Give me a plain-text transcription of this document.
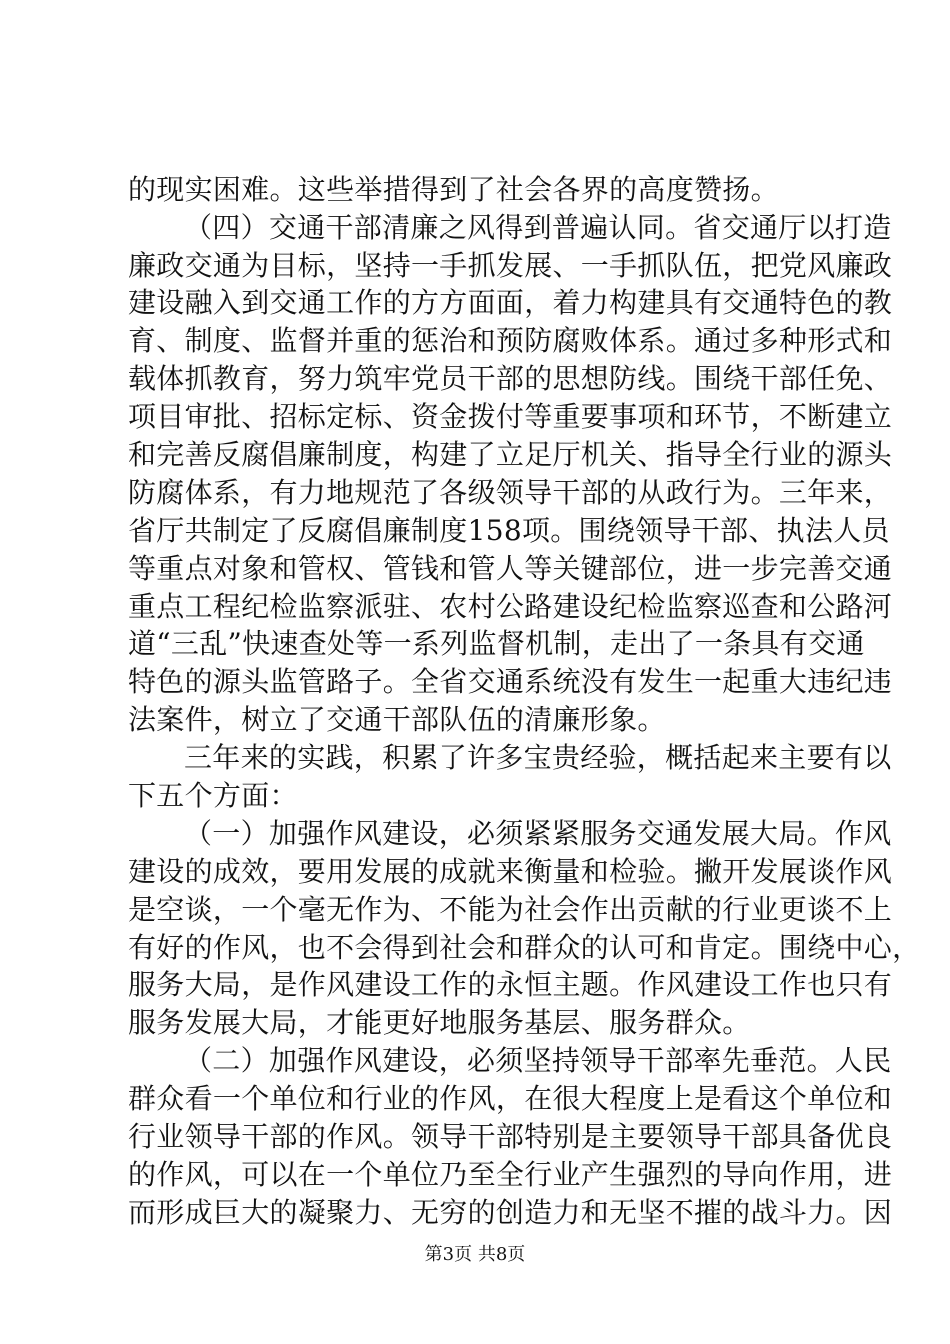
的现实困难。这些举措得到了社会各界的高度赞扬。
（四）交通干部清廉之风得到普遍认同。省交通厅以打造
廉政交通为目标，坚持一手抓发展、一手抓队伍，把党风廉政
建设融入到交通工作的方方面面，着力构建具有交通特色的教
育、制度、监督并重的惩治和预防腐败体系。通过多种形式和
载体抓教育，努力筑牢党员干部的思想防线。围绕干部任免、
项目审批、招标定标、资金拨付等重要事项和环节，不断建立
和完善反腐倡廉制度，构建了立足厅机关、指导全行业的源头
防腐体系，有力地规范了各级领导干部的从政行为。三年来，
省厅共制定了反腐倡廉制度158项。围绕领导干部、执法人员
等重点对象和管权、管钱和管人等关键部位，进一步完善交通
重点工程纪检监察派驻、农村公路建设纪检监察巡查和公路河
道“三乱”快速查处等一系列监督机制，走出了一条具有交通
特色的源头监管路子。全省交通系统没有发生一起重大违纪违
法案件，树立了交通干部队伍的清廉形象。
三年来的实践，积累了许多宝贵经验，概括起来主要有以
下五个方面：
（一）加强作风建设，必须紧紧服务交通发展大局。作风
建设的成效，要用发展的成就来衡量和检验。撇开发展谈作风
是空谈，一个毫无作为、不能为社会作出贡献的行业更谈不上
有好的作风，也不会得到社会和群众的认可和肯定。围绕中心，
服务大局，是作风建设工作的永恒主题。作风建设工作也只有
服务发展大局，才能更好地服务基层、服务群众。
（二）加强作风建设，必须坚持领导干部率先垂范。人民
群众看一个单位和行业的作风，在很大程度上是看这个单位和
行业领导干部的作风。领导干部特别是主要领导干部具备优良
的作风，可以在一个单位乃至全行业产生强烈的导向作用，进
而形成巨大的凝聚力、无穷的创造力和无坚不摧的战斗力。因
第3页 共8页
